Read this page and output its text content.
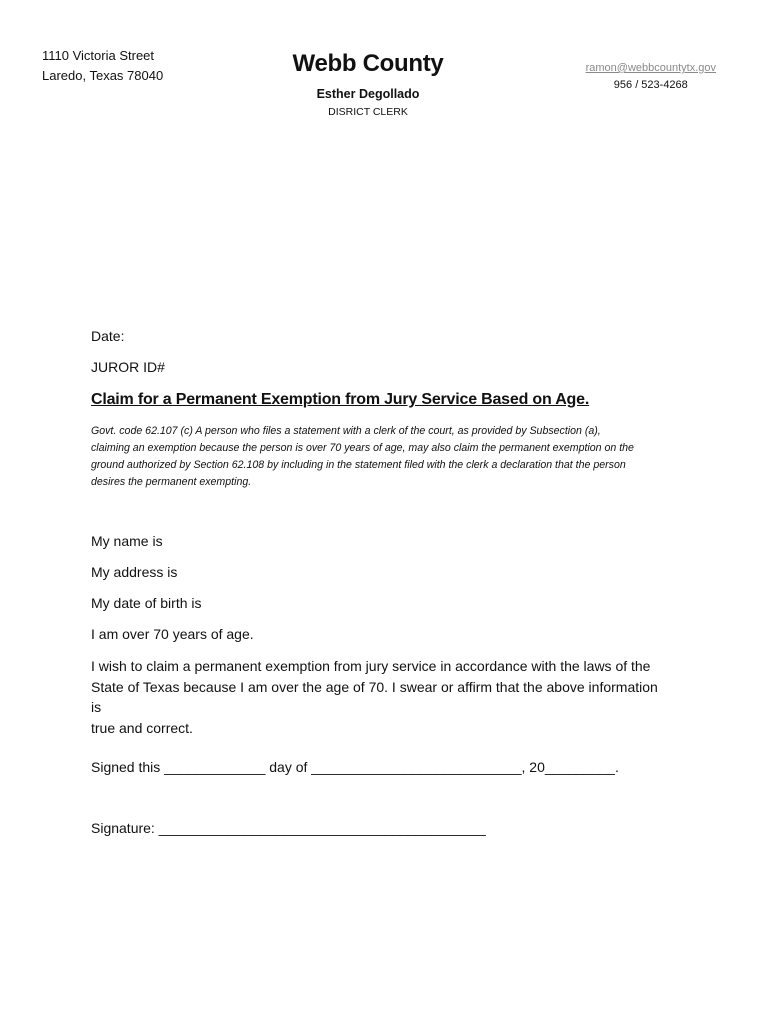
1110 Victoria Street
Laredo, Texas 78040	Webb County
Esther Degollado
DISRICT CLERK
ramon@webbcountytx.gov
956 / 523-4268
Date:
JUROR ID#
Claim for a Permanent Exemption from Jury Service Based on Age.
Govt. code 62.107 (c) A person who files a statement with a clerk of the court, as provided by Subsection (a),
claiming an exemption because the person is over 70 years of age, may also claim the permanent exemption on the
ground authorized by Section 62.108 by including in the statement filed with the clerk a declaration that the person
desires the permanent exempting.
My name is
My address is
My date of birth is
I am over 70 years of age.
I wish to claim a permanent exemption from jury service in accordance with the laws of the
State of Texas because I am over the age of 70. I swear or affirm that the above information is
true and correct.
Signed this _____________ day of ___________________________, 20_________.
Signature: __________________________________________
